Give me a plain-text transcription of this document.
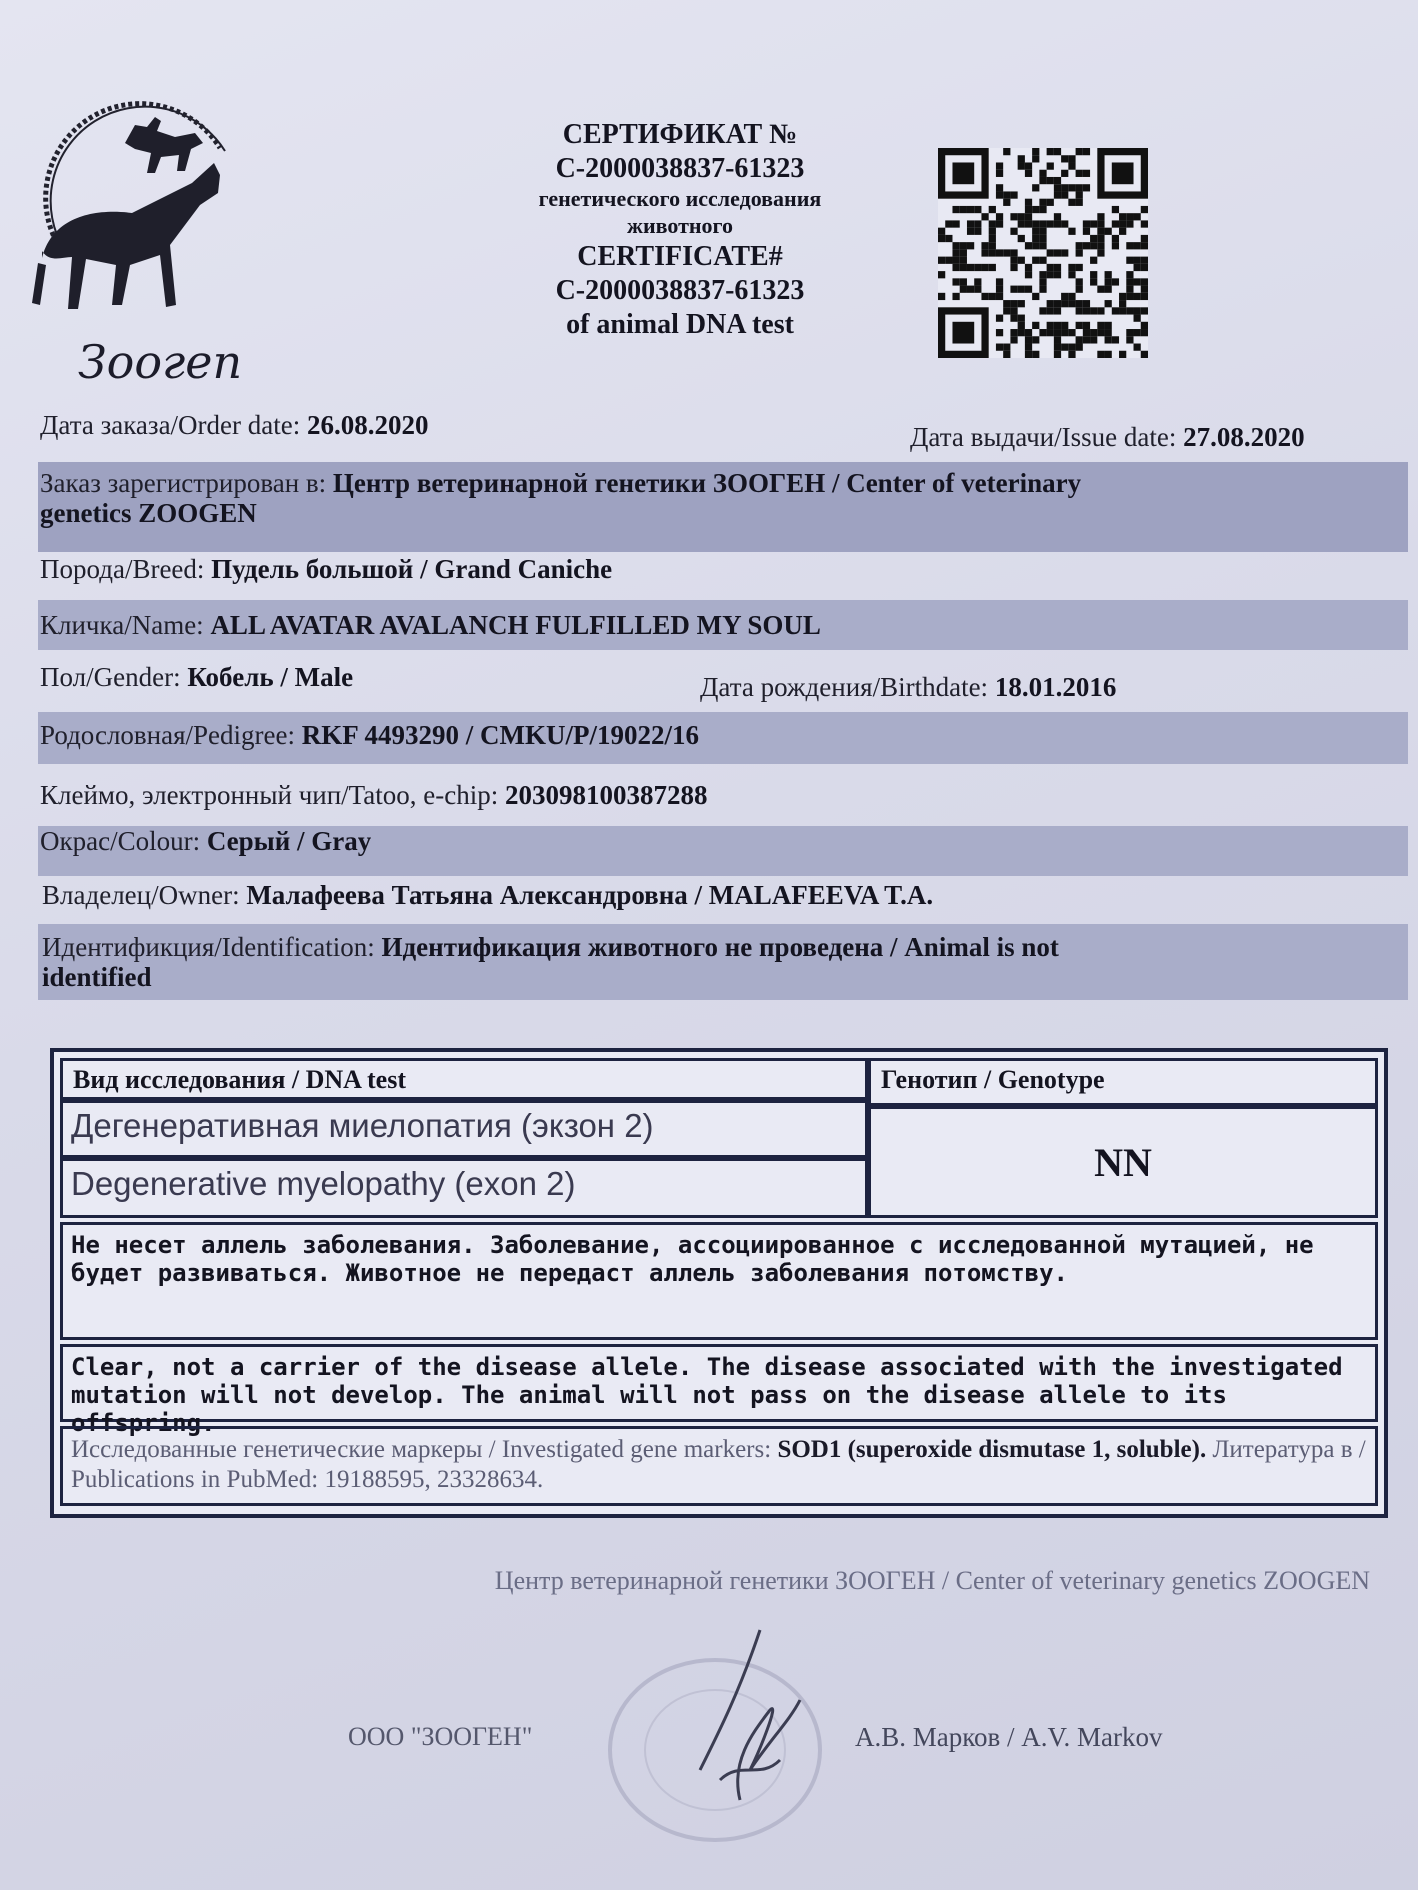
Зоогеn
СЕРТИФИКАТ №
С-2000038837-61323
генетического исследования
животного
CERTIFICATE#
C-2000038837-61323
of animal DNA test
Дата заказа/Order date: 26.08.2020	Дата выдачи/Issue date: 27.08.2020
Заказ зарегистрирован в: Центр ветеринарной генетики ЗООГЕН / Center of veterinary
genetics ZOOGEN
Порода/Breed: Пудель большой / Grand Caniche
Кличка/Name: ALL AVATAR AVALANCH FULFILLED MY SOUL
Пол/Gender: Кобель / Male	Дата рождения/Birthdate: 18.01.2016
Родословная/Pedigree: RKF 4493290 / CMKU/P/19022/16
Клеймо, электронный чип/Tatoo, e-chip: 203098100387288
Окрас/Colour: Серый / Gray
Владелец/Owner: Малафеева Татьяна Александровна / MALAFEEVA T.A.
Идентификция/Identification: Идентификация животного не проведена / Animal is not
identified
Вид исследования / DNA test	Генотип / Genotype
Дегенеративная миелопатия (экзон 2)
Degenerative myelopathy (exon 2)	NN
Не несет аллель заболевания. Заболевание, ассоциированное с исследованной мутацией, не будет развиваться. Животное не передаст аллель заболевания потомству.
Clear, not a carrier of the disease allele. The disease associated with the investigated mutation will not develop. The animal will not pass on the disease allele to its offspring.
Исследованные генетические маркеры / Investigated gene markers: SOD1 (superoxide dismutase 1, soluble). Литература в / Publications in PubMed: 19188595, 23328634.
Центр ветеринарной генетики ЗООГЕН / Center of veterinary genetics ZOOGEN
ООО "ЗООГЕН"	А.В. Марков / A.V. Markov
